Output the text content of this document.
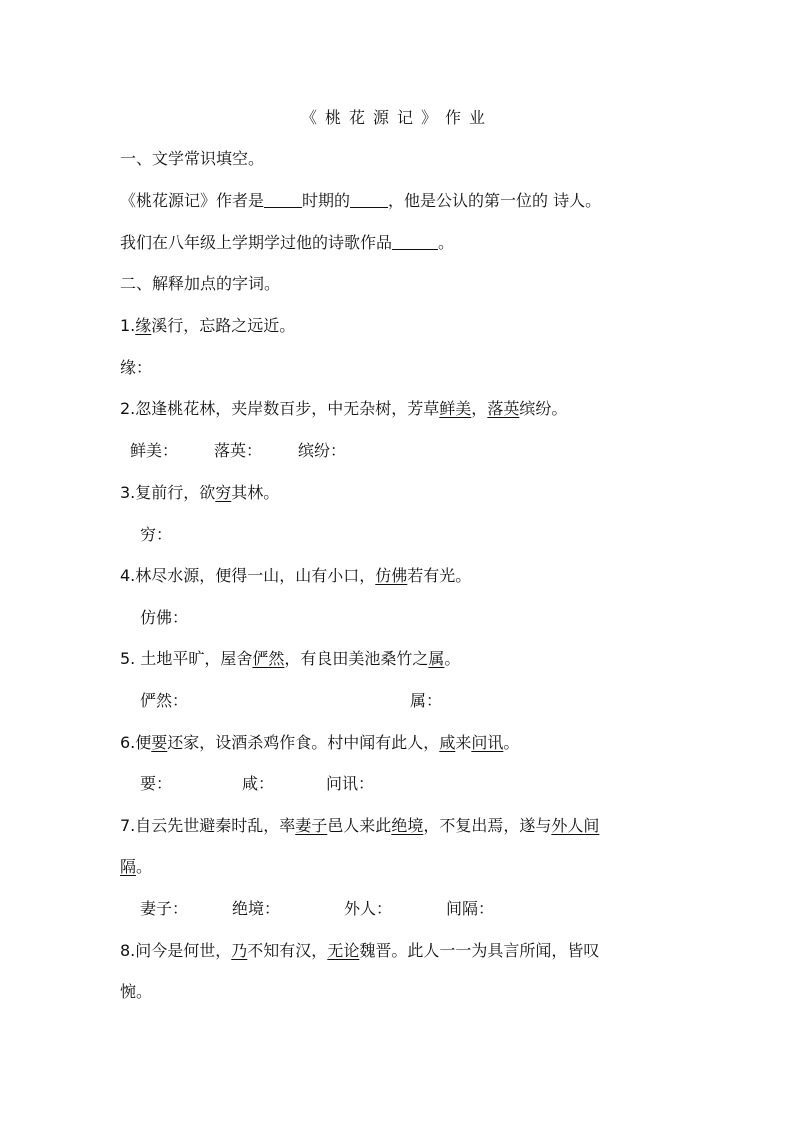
《桃花源记》作业
一、文学常识填空。
《桃花源记》作者是 时期的 ，他是公认的第一位的 诗人。
我们在八年级上学期学过他的诗歌作品	。
二、解释加点的字词。
1.缘溪行，忘路之远近。
缘：
2.忽逢桃花林，夹岸数百步，中无杂树，芳草鲜美，落英缤纷。
鲜美： 落英： 缤纷：
3.复前行，欲穷其林。
穷：
4.林尽水源，便得一山，山有小口，仿佛若有光。
仿佛：
5. 土地平旷，屋舍俨然，有良田美池桑竹之属。
俨然：	属：
6.便要还家，设酒杀鸡作食。村中闻有此人，咸来问讯。
要：	咸：	问讯：
7.自云先世避秦时乱，率妻子邑人来此绝境，不复出焉，遂与外人间
隔。
妻子：	绝境：	外人：	间隔：
8.问今是何世，乃不知有汉，无论魏晋。此人一一为具言所闻，皆叹
惋。
